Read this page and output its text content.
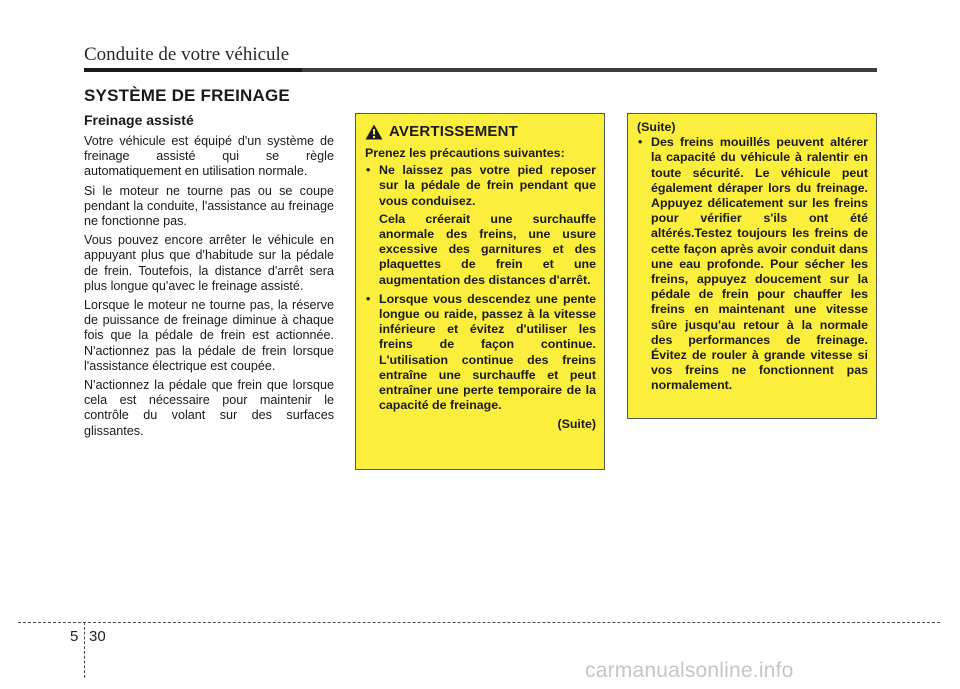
Conduite de votre véhicule
SYSTÈME DE FREINAGE
Freinage assisté

Votre véhicule est équipé d'un système de freinage assisté qui se règle automatiquement en utilisation normale.

Si le moteur ne tourne pas ou se coupe pendant la conduite, l'assistance au freinage ne fonctionne pas.

Vous pouvez encore arrêter le véhicule en appuyant plus que d'habitude sur la pédale de frein. Toutefois, la distance d'arrêt sera plus longue qu'avec le freinage assisté.

Lorsque le moteur ne tourne pas, la réserve de puissance de freinage diminue à chaque fois que la pédale de frein est actionnée. N'actionnez pas la pédale de frein lorsque l'assistance électrique est coupée.

N'actionnez la pédale que frein que lorsque cela est nécessaire pour maintenir le contrôle du volant sur des surfaces glissantes.

AVERTISSEMENT
Prenez les précautions suivantes:
• Ne laissez pas votre pied reposer sur la pédale de frein pendant que vous conduisez.
Cela créerait une surchauffe anormale des freins, une usure excessive des garnitures et des plaquettes de frein et une augmentation des distances d'arrêt.
• Lorsque vous descendez une pente longue ou raide, passez à la vitesse inférieure et évitez d'utiliser les freins de façon continue. L'utilisation continue des freins entraîne une surchauffe et peut entraîner une perte temporaire de la capacité de freinage.
(Suite)
(Suite)
• Des freins mouillés peuvent altérer la capacité du véhicule à ralentir en toute sécurité. Le véhicule peut également déraper lors du freinage. Appuyez délicatement sur les freins pour vérifier s'ils ont été altérés.Testez toujours les freins de cette façon après avoir conduit dans une eau profonde. Pour sécher les freins, appuyez doucement sur la pédale de frein pour chauffer les freins en maintenant une vitesse sûre jusqu'au retour à la normale des performances de freinage. Évitez de rouler à grande vitesse si vos freins ne fonctionnent pas normalement.
5 30
carmanualsonline.info
